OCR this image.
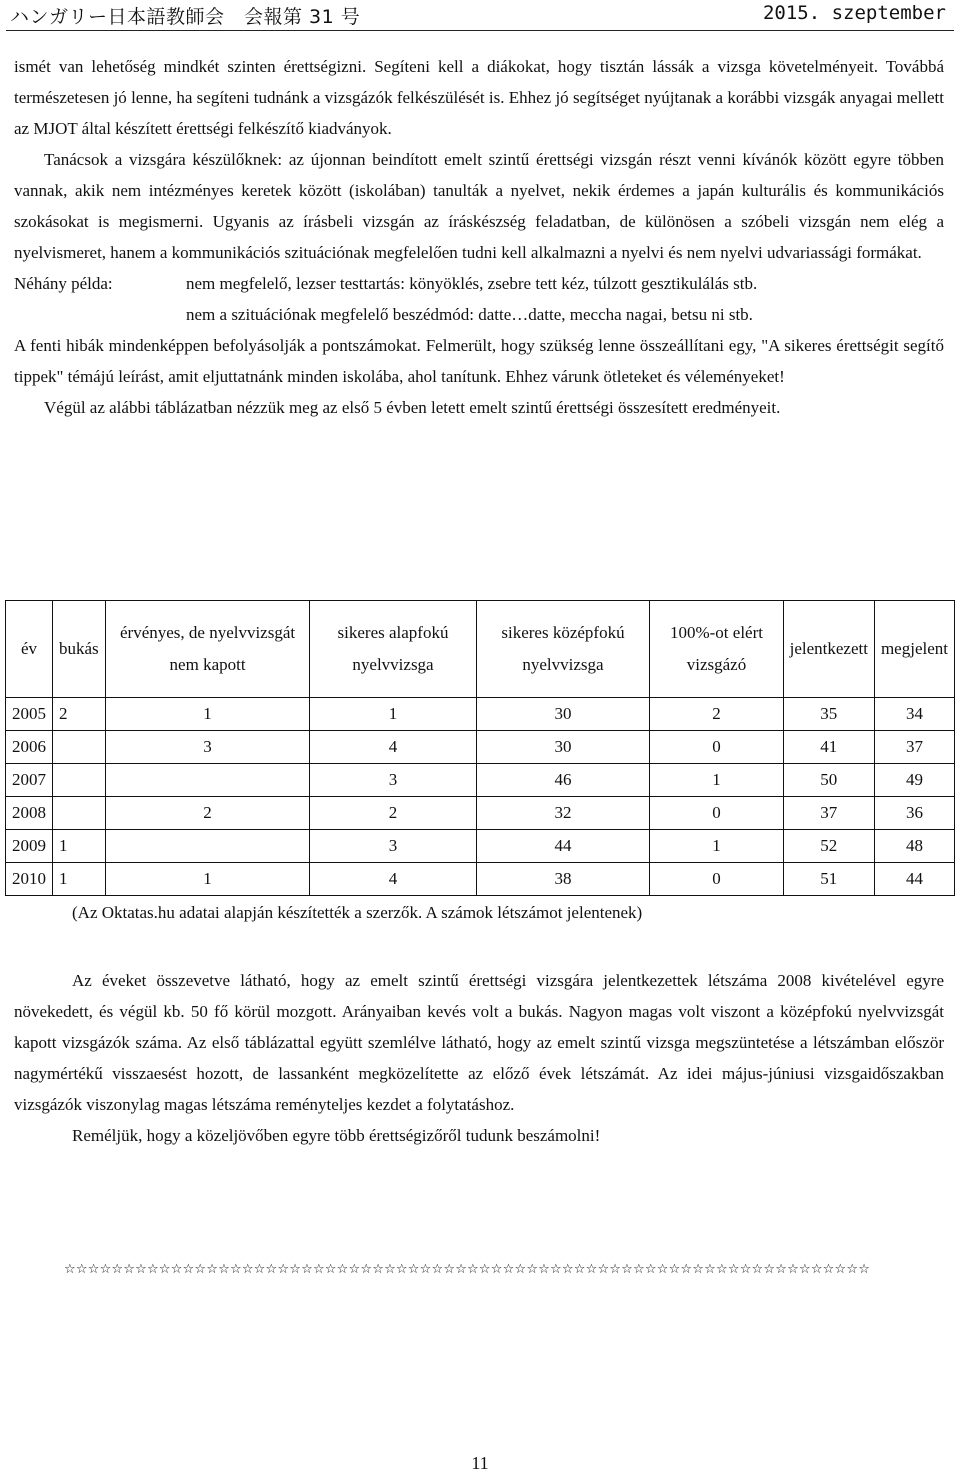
ハンガリー日本語教師会　会報第 31 号	2015. szeptember

ismét van lehetőség mindkét szinten érettségizni. Segíteni kell a diákokat, hogy tisztán lássák a vizsga követelményeit. Továbbá természetesen jó lenne, ha segíteni tudnánk a vizsgázók felkészülését is. Ehhez jó segítséget nyújtanak a korábbi vizsgák anyagai mellett az MJOT által készített érettségi felkészítő kiadványok.

Tanácsok a vizsgára készülőknek: az újonnan beindított emelt szintű érettségi vizsgán részt venni kívánók között egyre többen vannak, akik nem intézményes keretek között (iskolában) tanulták a nyelvet, nekik érdemes a japán kulturális és kommunikációs szokásokat is megismerni. Ugyanis az írásbeli vizsgán az íráskészség feladatban, de különösen a szóbeli vizsgán nem elég a nyelvismeret, hanem a kommunikációs szituációnak megfelelően tudni kell alkalmazni a nyelvi és nem nyelvi udvariassági formákat.

Néhány példa:	nem megfelelő, lezser testtartás: könyöklés, zsebre tett kéz, túlzott gesztikulálás stb.
nem a szituációnak megfelelő beszédmód: datte…datte, meccha nagai, betsu ni stb.

A fenti hibák mindenképpen befolyásolják a pontszámokat. Felmerült, hogy szükség lenne összeállítani egy, "A sikeres érettségit segítő tippek" témájú leírást, amit eljuttatnánk minden iskolába, ahol tanítunk. Ehhez várunk ötleteket és véleményeket!

Végül az alábbi táblázatban nézzük meg az első 5 évben letett emelt szintű érettségi összesített eredményeit.

év	bukás	érvényes, de nyelvvizsgát nem kapott	sikeres alapfokú nyelvvizsga	sikeres középfokú nyelvvizsga	100%-ot elért vizsgázó	jelentkezett	megjelent
2005	2	1	1	30	2	35	34
2006		3	4	30	0	41	37
2007			3	46	1	50	49
2008		2	2	32	0	37	36
2009	1		3	44	1	52	48
2010	1	1	4	38	0	51	44
(Az Oktatas.hu adatai alapján készítették a szerzők. A számok létszámot jelentenek)

Az éveket összevetve látható, hogy az emelt szintű érettségi vizsgára jelentkezettek létszáma 2008 kivételével egyre növekedett, és végül kb. 50 fő körül mozgott. Arányaiban kevés volt a bukás. Nagyon magas volt viszont a középfokú nyelvvizsgát kapott vizsgázók száma. Az első táblázattal együtt szemlélve látható, hogy az emelt szintű vizsga megszüntetése a létszámban először nagymértékű visszaesést hozott, de lassanként megközelítette az előző évek létszámát. Az idei május-júniusi vizsgaidőszakban vizsgázók viszonylag magas létszáma reményteljes kezdet a folytatáshoz.

Reméljük, hogy a közeljövőben egyre több érettségizőről tudunk beszámolni!

☆☆☆☆☆☆☆☆☆☆☆☆☆☆☆☆☆☆☆☆☆☆☆☆☆☆☆☆☆☆☆☆☆☆☆☆☆☆☆☆☆☆☆☆☆☆☆☆☆☆☆☆☆☆☆☆☆☆☆☆☆☆☆☆☆☆☆☆
11
